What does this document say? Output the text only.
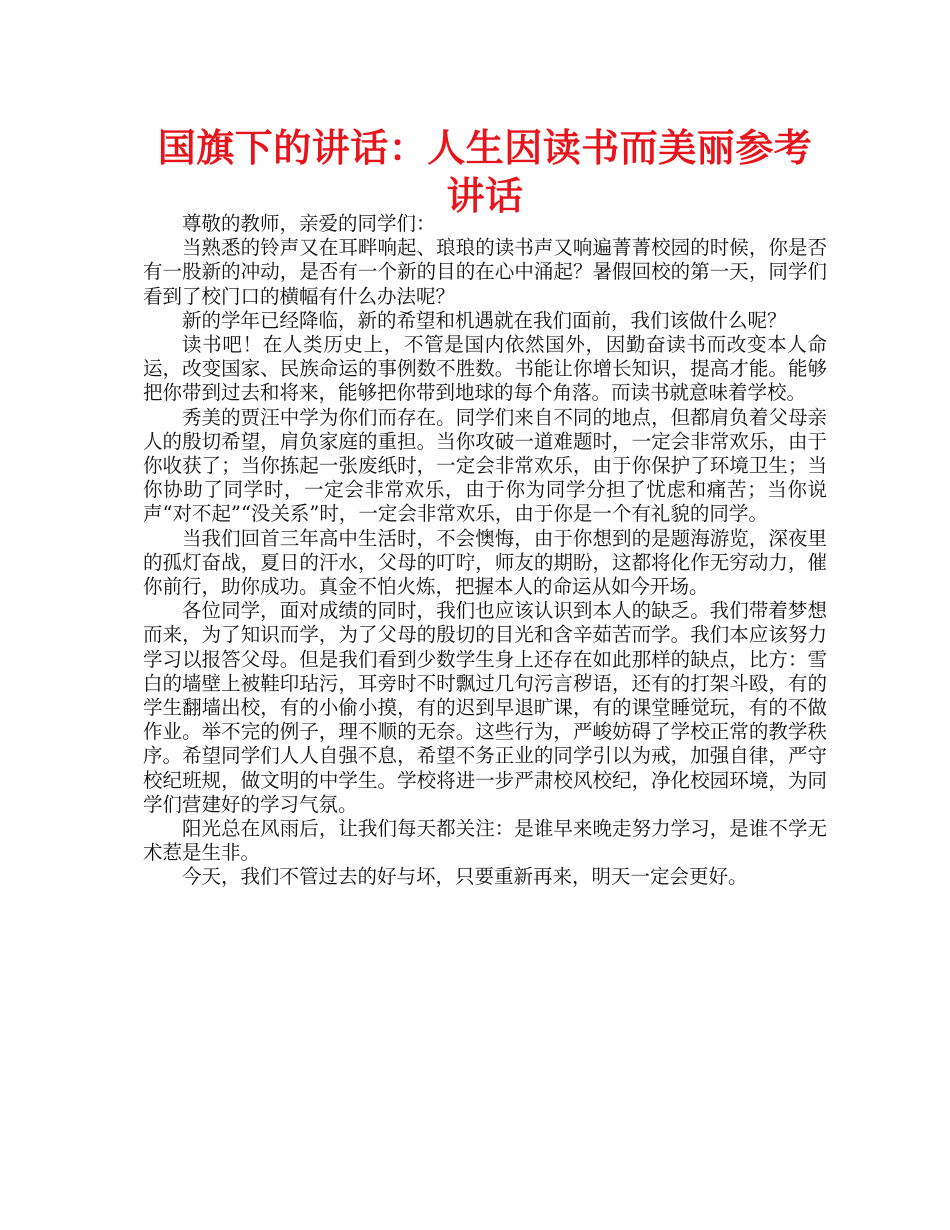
国旗下的讲话：人生因读书而美丽参考讲话

尊敬的教师，亲爱的同学们：

当熟悉的铃声又在耳畔响起、琅琅的读书声又响遍菁菁校园的时候，你是否有一股新的冲动，是否有一个新的目的在心中涌起？暑假回校的第一天，同学们看到了校门口的横幅有什么办法呢？

新的学年已经降临，新的希望和机遇就在我们面前，我们该做什么呢？

读书吧！在人类历史上，不管是国内依然国外，因勤奋读书而改变本人命运，改变国家、民族命运的事例数不胜数。书能让你增长知识，提高才能。能够把你带到过去和将来，能够把你带到地球的每个角落。而读书就意味着学校。

秀美的贾汪中学为你们而存在。同学们来自不同的地点，但都肩负着父母亲人的殷切希望，肩负家庭的重担。当你攻破一道难题时，一定会非常欢乐，由于你收获了；当你拣起一张废纸时，一定会非常欢乐，由于你保护了环境卫生；当你协助了同学时，一定会非常欢乐，由于你为同学分担了忧虑和痛苦；当你说声“对不起”“没关系”时，一定会非常欢乐，由于你是一个有礼貌的同学。

当我们回首三年高中生活时，不会懊悔，由于你想到的是题海游览，深夜里的孤灯奋战，夏日的汗水，父母的叮咛，师友的期盼，这都将化作无穷动力，催你前行，助你成功。真金不怕火炼，把握本人的命运从如今开场。

各位同学，面对成绩的同时，我们也应该认识到本人的缺乏。我们带着梦想而来，为了知识而学，为了父母的殷切的目光和含辛茹苦而学。我们本应该努力学习以报答父母。但是我们看到少数学生身上还存在如此那样的缺点，比方：雪白的墙壁上被鞋印玷污，耳旁时不时飘过几句污言秽语，还有的打架斗殴，有的学生翻墙出校，有的小偷小摸，有的迟到早退旷课，有的课堂睡觉玩，有的不做作业。举不完的例子，理不顺的无奈。这些行为，严峻妨碍了学校正常的教学秩序。希望同学们人人自强不息，希望不务正业的同学引以为戒，加强自律，严守校纪班规，做文明的中学生。学校将进一步严肃校风校纪，净化校园环境，为同学们营建好的学习气氛。

阳光总在风雨后，让我们每天都关注：是谁早来晚走努力学习，是谁不学无术惹是生非。

今天，我们不管过去的好与坏，只要重新再来，明天一定会更好。
